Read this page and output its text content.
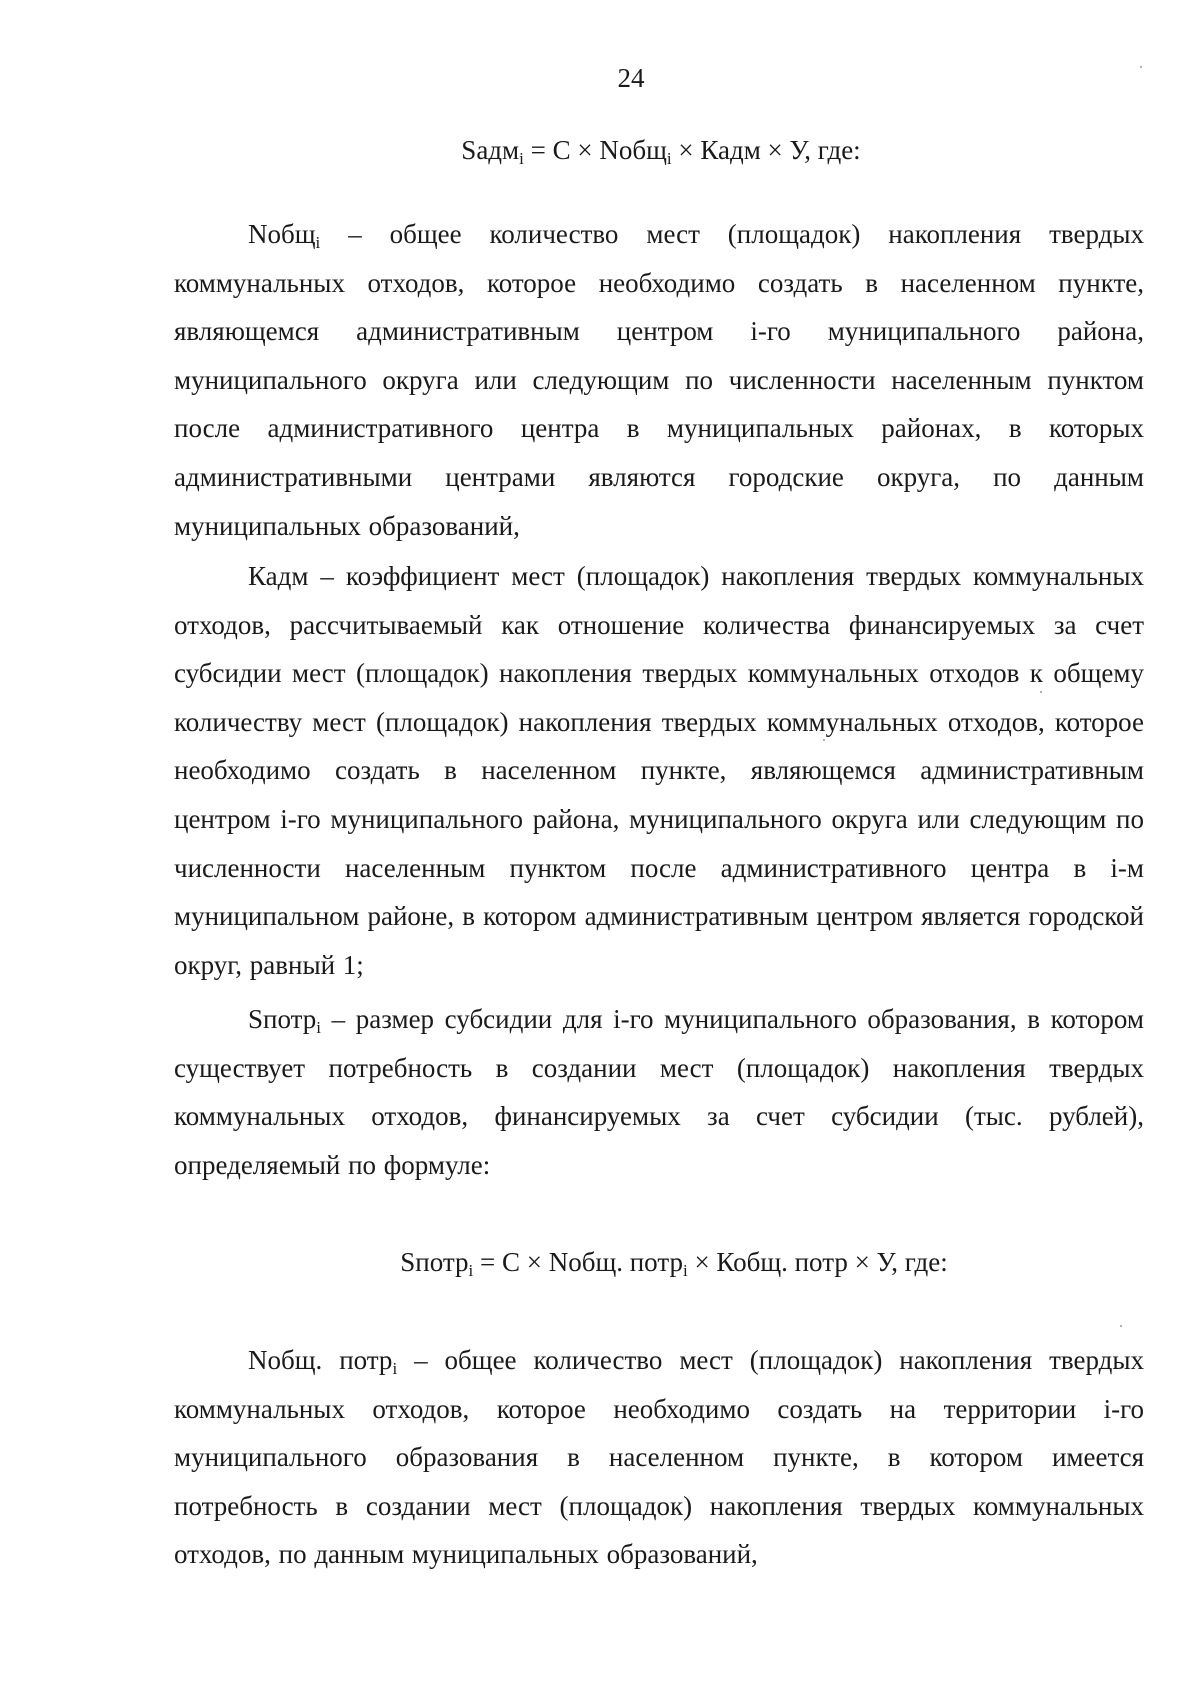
24
Sадм$_i$ = C × Nобщ$_i$ × Кадм × У, где:

Nобщ$_i$ – общее количество мест (площадок) накопления твердых коммунальных отходов, которое необходимо создать в населенном пункте, являющемся административным центром i-го муниципального района, муниципального округа или следующим по численности населенным пунктом после административного центра в муниципальных районах, в которых административными центрами являются городские округа, по данным муниципальных образований,

Кадм – коэффициент мест (площадок) накопления твердых коммунальных отходов, рассчитываемый как отношение количества финансируемых за счет субсидии мест (площадок) накопления твердых коммунальных отходов к общему количеству мест (площадок) накопления твердых коммунальных отходов, которое необходимо создать в населенном пункте, являющемся административным центром i-го муниципального района, муниципального округа или следующим по численности населенным пунктом после административного центра в i-м муниципальном районе, в котором административным центром является городской округ, равный 1;

Sпотр$_i$ – размер субсидии для i-го муниципального образования, в котором существует потребность в создании мест (площадок) накопления твердых коммунальных отходов, финансируемых за счет субсидии (тыс. рублей), определяемый по формуле:

Sпотр$_i$ = C × Nобщ. потр$_i$ × Кобщ. потр × У, где:

Nобщ. потр$_i$ – общее количество мест (площадок) накопления твердых коммунальных отходов, которое необходимо создать на территории i-го муниципального образования в населенном пункте, в котором имеется потребность в создании мест (площадок) накопления твердых коммунальных отходов, по данным муниципальных образований,
